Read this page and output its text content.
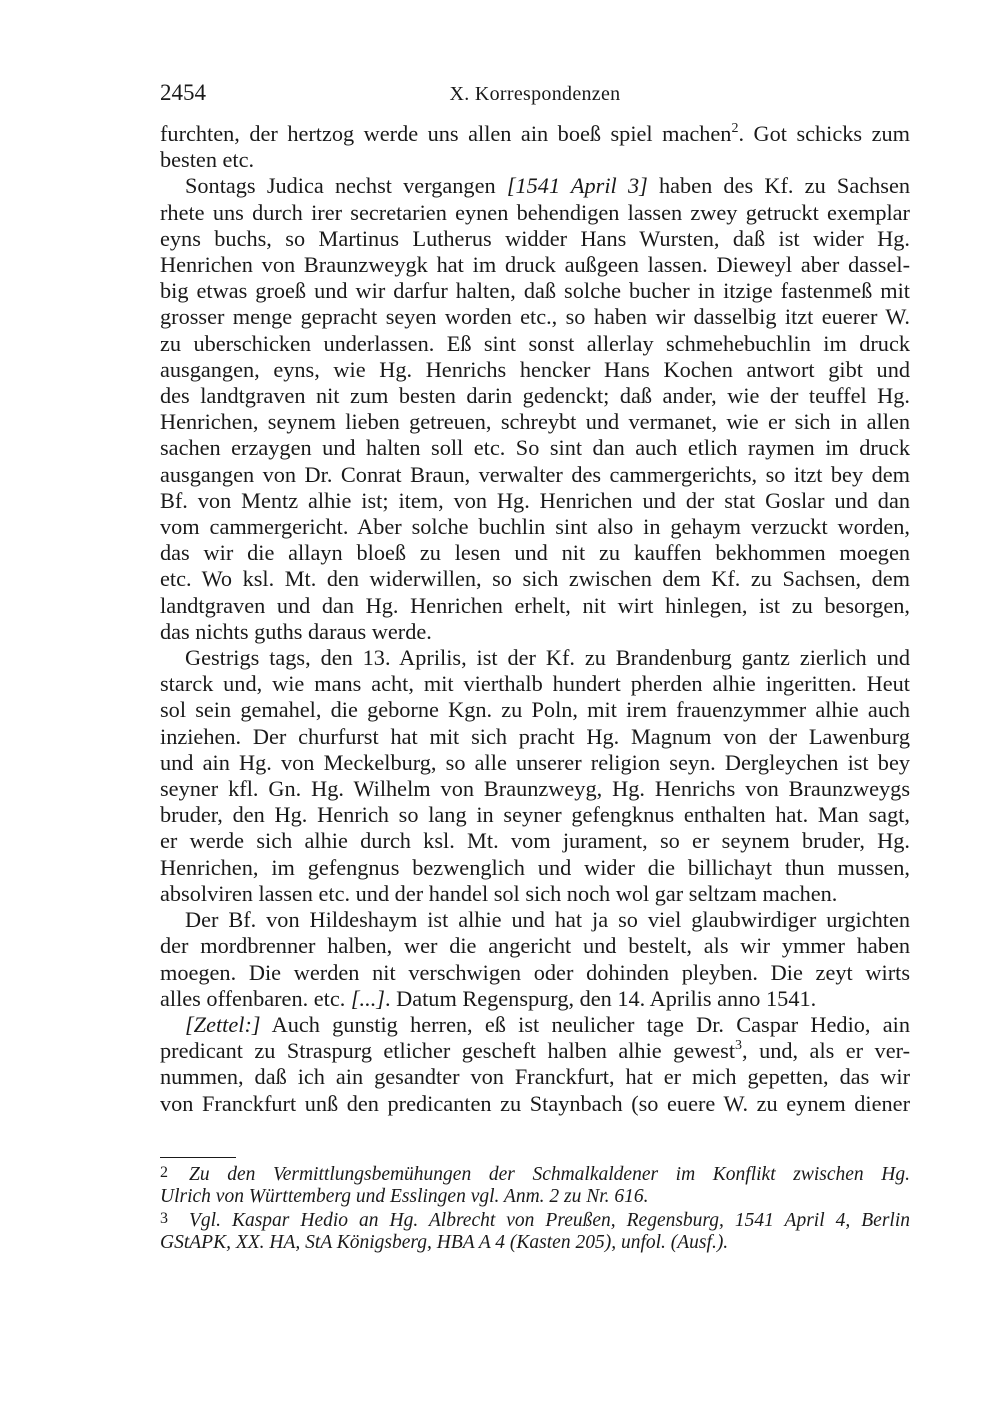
2454	X. Korrespondenzen
furchten, der hertzog werde uns allen ain boeß spiel machen$^2$. Got schicks zum
besten etc.
Sontags Judica nechst vergangen [1541 April 3] haben des Kf. zu Sachsen
rhete uns durch irer secretarien eynen behendigen lassen zwey getruckt exemplar
eyns buchs, so Martinus Lutherus widder Hans Wursten, daß ist wider Hg.
Henrichen von Braunzweygk hat im druck außgeen lassen. Dieweyl aber dassel-
big etwas groeß und wir darfur halten, daß solche bucher in itzige fastenmeß mit
grosser menge gepracht seyen worden etc., so haben wir dasselbig itzt euerer W.
zu uberschicken underlassen. Eß sint sonst allerlay schmehebuchlin im druck
ausgangen, eyns, wie Hg. Henrichs hencker Hans Kochen antwort gibt und
des landtgraven nit zum besten darin gedenckt; daß ander, wie der teuffel Hg.
Henrichen, seynem lieben getreuen, schreybt und vermanet, wie er sich in allen
sachen erzaygen und halten soll etc. So sint dan auch etlich raymen im druck
ausgangen von Dr. Conrat Braun, verwalter des cammergerichts, so itzt bey dem
Bf. von Mentz alhie ist; item, von Hg. Henrichen und der stat Goslar und dan
vom cammergericht. Aber solche buchlin sint also in gehaym verzuckt worden,
das wir die allayn bloeß zu lesen und nit zu kauffen bekhommen moegen
etc. Wo ksl. Mt. den widerwillen, so sich zwischen dem Kf. zu Sachsen, dem
landtgraven und dan Hg. Henrichen erhelt, nit wirt hinlegen, ist zu besorgen,
das nichts guths daraus werde.
Gestrigs tags, den 13. Aprilis, ist der Kf. zu Brandenburg gantz zierlich und
starck und, wie mans acht, mit vierthalb hundert pherden alhie ingeritten. Heut
sol sein gemahel, die geborne Kgn. zu Poln, mit irem frauenzymmer alhie auch
inziehen. Der churfurst hat mit sich pracht Hg. Magnum von der Lawenburg
und ain Hg. von Meckelburg, so alle unserer religion seyn. Dergleychen ist bey
seyner kfl. Gn. Hg. Wilhelm von Braunzweyg, Hg. Henrichs von Braunzweygs
bruder, den Hg. Henrich so lang in seyner gefengknus enthalten hat. Man sagt,
er werde sich alhie durch ksl. Mt. vom jurament, so er seynem bruder, Hg.
Henrichen, im gefengnus bezwenglich und wider die billichayt thun mussen,
absolviren lassen etc. und der handel sol sich noch wol gar seltzam machen.
Der Bf. von Hildeshaym ist alhie und hat ja so viel glaubwirdiger urgichten
der mordbrenner halben, wer die angericht und bestelt, als wir ymmer haben
moegen. Die werden nit verschwigen oder dohinden pleyben. Die zeyt wirts
alles offenbaren. etc. [...]. Datum Regenspurg, den 14. Aprilis anno 1541.
[Zettel:] Auch gunstig herren, eß ist neulicher tage Dr. Caspar Hedio, ain
predicant zu Straspurg etlicher gescheft halben alhie gewest$^3$, und, als er ver-
nummen, daß ich ain gesandter von Franckfurt, hat er mich gepetten, das wir
von Franckfurt unß den predicanten zu Staynbach (so euere W. zu eynem diener
2 Zu den Vermittlungsbemühungen der Schmalkaldener im Konflikt zwischen Hg.
Ulrich von Württemberg und Esslingen vgl. Anm. 2 zu Nr. 616.
3 Vgl. Kaspar Hedio an Hg. Albrecht von Preußen, Regensburg, 1541 April 4, Berlin
GStAPK, XX. HA, StA Königsberg, HBA A 4 (Kasten 205), unfol. (Ausf.).
